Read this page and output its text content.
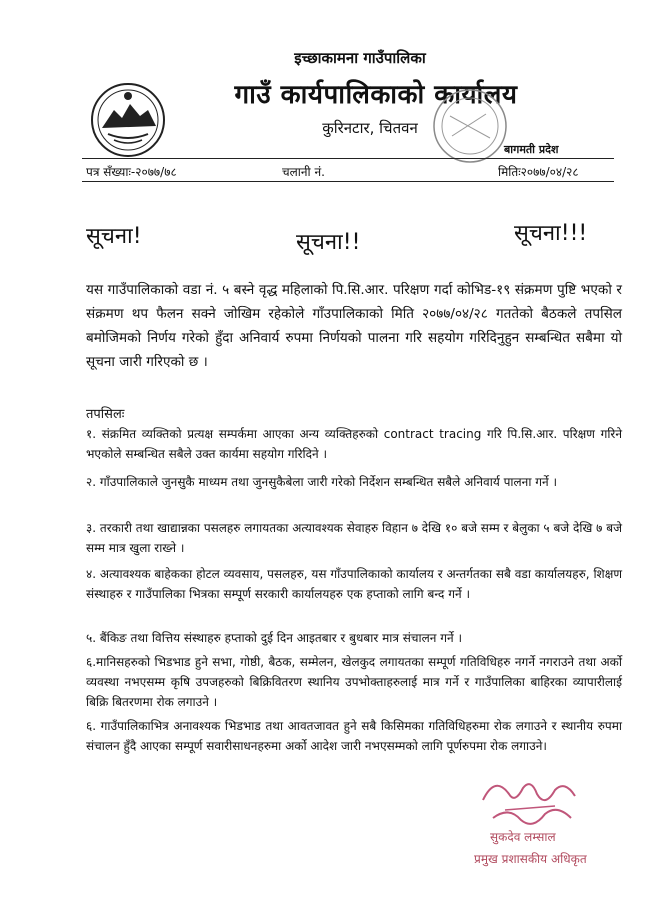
इच्छाकामना गाउँपालिका
गाउँ कार्यपालिकाको कार्यालय
कुरिनटार, चितवन
बागमती प्रदेश
पत्र सँख्याः-२०७७/७८	चलानी नं.	मितिः२०७७/०४/२८
सूचना!	सूचना!!	सूचना!!!
यस गाउँपालिकाको वडा नं. ५ बस्ने वृद्ध महिलाको पि.सि.आर. परिक्षण गर्दा कोभिड-१९ संक्रमण पुष्टि भएको र संक्रमण थप फैलन सक्ने जोखिम रहेकोले गाँउपालिकाको मिति २०७७/०४/२८ गततेको बैठकले तपसिल बमोजिमको निर्णय गरेको हुँदा अनिवार्य रुपमा निर्णयको पालना गरि सहयोग गरिदिनुहुन सम्बन्धित सबैमा यो सूचना जारी गरिएको छ ।
तपसिलः
१. संक्रमित व्यक्तिको प्रत्यक्ष सम्पर्कमा आएका अन्य व्यक्तिहरुको contract tracing गरि पि.सि.आर. परिक्षण गरिने भएकोले सम्बन्धित सबैले उक्त कार्यमा सहयोग गरिदिने ।
२. गाँउपालिकाले जुनसुकै माध्यम तथा जुनसुकैबेला जारी गरेको निर्देशन सम्बन्धित सबैले अनिवार्य पालना गर्ने ।
३. तरकारी तथा खाद्यान्नका पसलहरु लगायतका अत्यावश्यक सेवाहरु विहान ७ देखि १० बजे सम्म र बेलुका ५ बजे देखि ७ बजे सम्म मात्र खुला राख्ने ।
४. अत्यावश्यक बाहेकका होटल व्यवसाय, पसलहरु, यस गाँउपालिकाको कार्यालय र अन्तर्गतका सबै वडा कार्यालयहरु, शिक्षण संस्थाहरु र गाउँपालिका भित्रका सम्पूर्ण सरकारी कार्यालयहरु एक हप्ताको लागि बन्द गर्ने ।
५. बैंकिङ तथा वित्तिय संस्थाहरु हप्ताको दुई दिन आइतबार र बुधबार मात्र संचालन गर्ने ।
६.मानिसहरुको भिडभाड हुने सभा, गोष्ठी, बैठक, सम्मेलन, खेलकुद लगायतका सम्पूर्ण गतिविधिहरु नगर्ने नगराउने तथा अर्को व्यवस्था नभएसम्म कृषि उपजहरुको बिक्रिवितरण स्थानिय उपभोक्ताहरुलाई मात्र गर्ने र गाउँपालिका बाहिरका व्यापारीलाई बिक्रि बितरणमा रोक लगाउने ।
६. गाउँपालिकाभित्र अनावश्यक भिडभाड तथा आवतजावत हुने सबै किसिमका गतिविधिहरुमा रोक लगाउने र स्थानीय रुपमा संचालन हुँदै आएका सम्पूर्ण सवारीसाधनहरुमा अर्को आदेश जारी नभएसम्मको लागि पूर्णरुपमा रोक लगाउने।
सुकदेव लम्साल
प्रमुख प्रशासकीय अधिकृत
